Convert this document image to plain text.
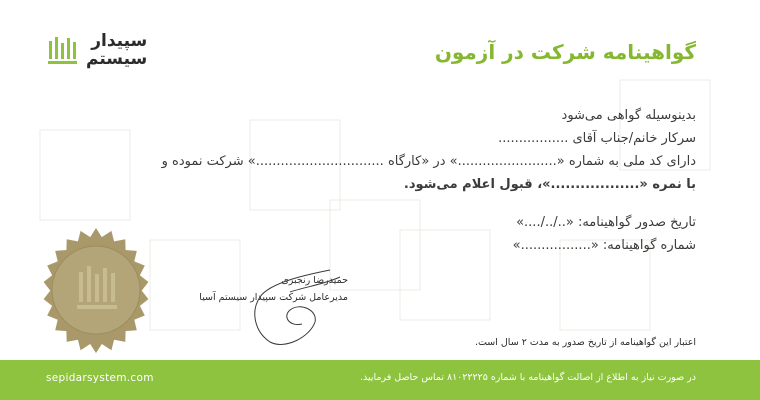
سپیدار
سیستم	گواهینامه شرکت در آزمون
بدینوسیله گواهی می‌شود
سرکار خانم/جناب آقای .................
دارای کد ملی به شماره «........................» در «کارگاه ...............................» شرکت نموده و
با نمره «..................»، قبول اعلام می‌شود.
تاریخ صدور گواهینامه: «../../....»
شماره گواهینامه: «.................»
حمیدرضا رنجبری
مدیرعامل شرکت سپیدار سیستم آسیا
اعتبار این گواهینامه از تاریخ صدور به مدت ۲ سال است.
sepidarsystem.com	در صورت نیاز به اطلاع از اصالت گواهینامه با شماره ۸۱۰۲۲۲۲۵ تماس حاصل فرمایید.
